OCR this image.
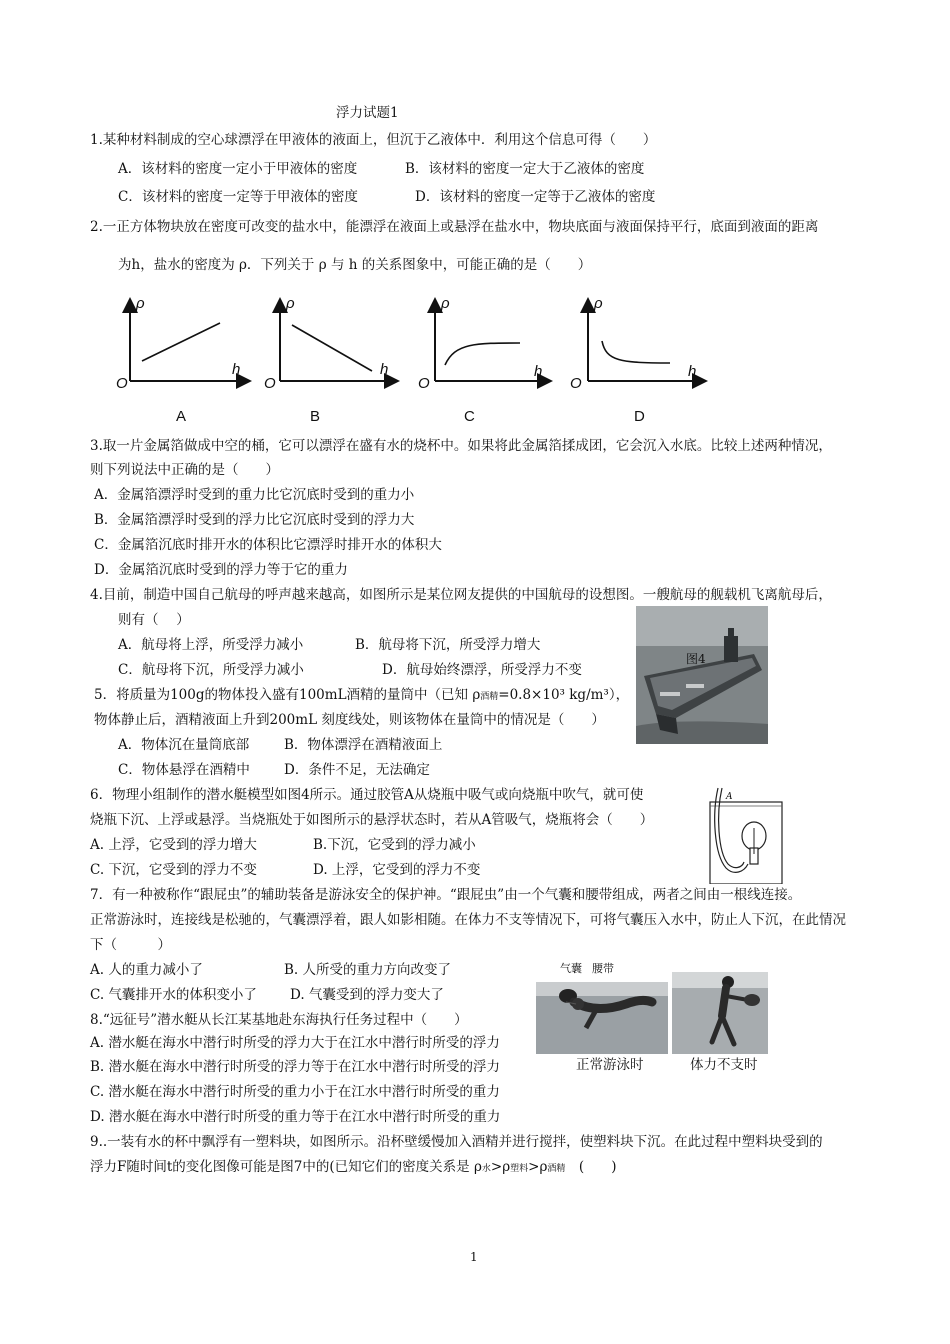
浮力试题1
1.某种材料制成的空心球漂浮在甲液体的液面上，但沉于乙液体中．利用这个信息可得（　　）
A．该材料的密度一定小于甲液体的密度	B．该材料的密度一定大于乙液体的密度
C．该材料的密度一定等于甲液体的密度	D．该材料的密度一定等于乙液体的密度
2.一正方体物块放在密度可改变的盐水中，能漂浮在液面上或悬浮在盐水中，物块底面与液面保持平行，底面到液面的距离
为h，盐水的密度为 ρ．下列关于 ρ 与 h 的关系图象中，可能正确的是（　　）
ρ
h
O
ρ
h
O
ρ
h
O
ρ
h
O
A	B	C	D
3.取一片金属箔做成中空的桶，它可以漂浮在盛有水的烧杯中。如果将此金属箔揉成团，它会沉入水底。比较上述两种情况，
则下列说法中正确的是（　　）
A．金属箔漂浮时受到的重力比它沉底时受到的重力小
B．金属箔漂浮时受到的浮力比它沉底时受到的浮力大
C．金属箔沉底时排开水的体积比它漂浮时排开水的体积大
D．金属箔沉底时受到的浮力等于它的重力
4.目前，制造中国自己航母的呼声越来越高，如图所示是某位网友提供的中国航母的设想图。一艘航母的舰载机飞离航母后，
则有（　 ）
A．航母将上浮，所受浮力减小	B．航母将下沉，所受浮力增大
C．航母将下沉，所受浮力减小	D．航母始终漂浮，所受浮力不变
图4
5．将质量为100g的物体投入盛有100mL酒精的量筒中（已知 ρ酒精=0.8×10³ kg/m³），
物体静止后，酒精液面上升到200mL 刻度线处，则该物体在量筒中的情况是（　　）
A．物体沉在量筒底部	B．物体漂浮在酒精液面上
C．物体悬浮在酒精中	D．条件不足，无法确定
6．物理小组制作的潜水艇模型如图4所示。通过胶管A从烧瓶中吸气或向烧瓶中吹气，就可使
烧瓶下沉、上浮或悬浮。当烧瓶处于如图所示的悬浮状态时，若从A管吸气，烧瓶将会（　　）
A. 上浮，它受到的浮力增大	B.下沉，它受到的浮力减小
C. 下沉，它受到的浮力不变	D. 上浮，它受到的浮力不变
A
7．有一种被称作“跟屁虫”的辅助装备是游泳安全的保护神。“跟屁虫”由一个气囊和腰带组成，两者之间由一根线连接。
正常游泳时，连接线是松驰的，气囊漂浮着，跟人如影相随。在体力不支等情况下，可将气囊压入水中，防止人下沉，在此情况
下（　　　）
A. 人的重力减小了	B. 人所受的重力方向改变了
C. 气囊排开水的体积变小了 D. 气囊受到的浮力变大了
气囊 腰带
正常游泳时	体力不支时
8.“远征号”潜水艇从长江某基地赴东海执行任务过程中（　　）
A. 潜水艇在海水中潜行时所受的浮力大于在江水中潜行时所受的浮力
B. 潜水艇在海水中潜行时所受的浮力等于在江水中潜行时所受的浮力
C. 潜水艇在海水中潜行时所受的重力小于在江水中潜行时所受的重力
D. 潜水艇在海水中潜行时所受的重力等于在江水中潜行时所受的重力
9..一装有水的杯中飘浮有一塑料块，如图所示。沿杯壁缓慢加入酒精并进行搅拌，使塑料块下沉。在此过程中塑料块受到的
浮力F随时间t的变化图像可能是图7中的(已知它们的密度关系是 ρ水>ρ塑料>ρ酒精　(　　)
1
